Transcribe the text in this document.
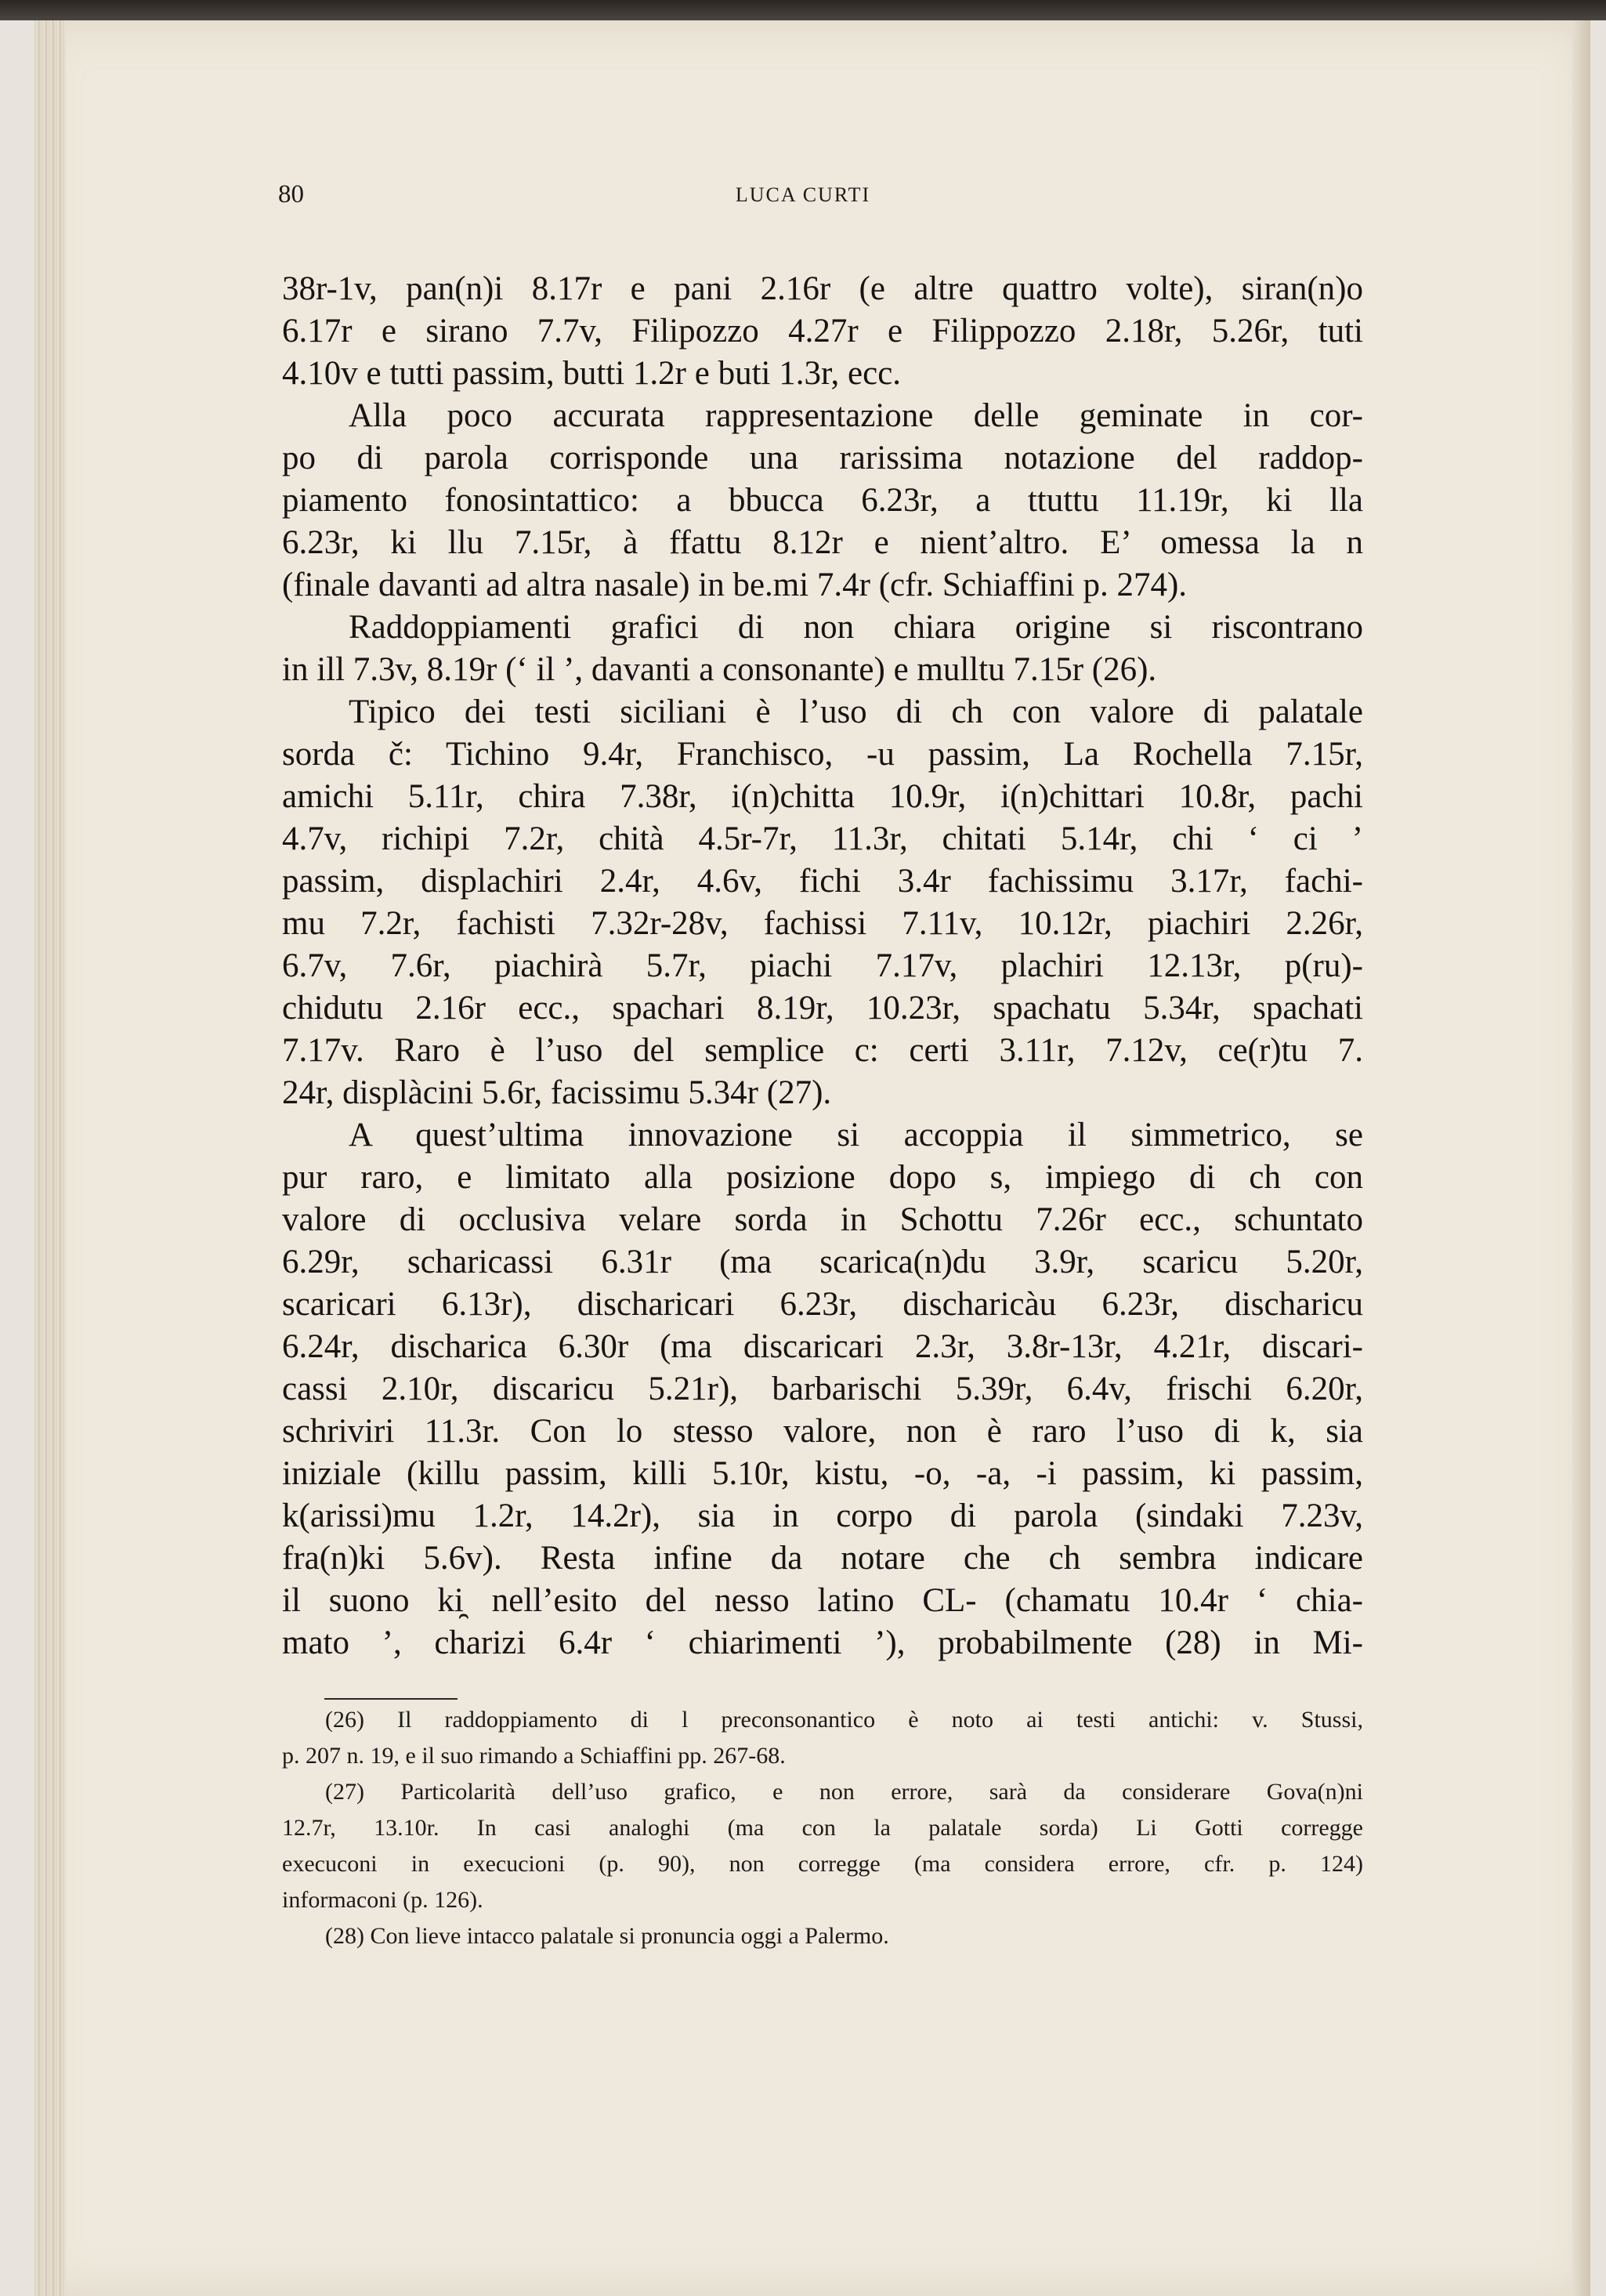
80	LUCA CURTI
38r-1v, pan(n)i 8.17r e pani 2.16r (e altre quattro volte), siran(n)o
6.17r e sirano 7.7v, Filipozzo 4.27r e Filippozzo 2.18r, 5.26r, tuti
4.10v e tutti passim, butti 1.2r e buti 1.3r, ecc.
Alla poco accurata rappresentazione delle geminate in cor-
po di parola corrisponde una rarissima notazione del raddop-
piamento fonosintattico: a bbucca 6.23r, a ttuttu 11.19r, ki lla
6.23r, ki llu 7.15r, à ffattu 8.12r e nient’altro. E’ omessa la n
(finale davanti ad altra nasale) in be.mi 7.4r (cfr. Schiaffini p. 274).
Raddoppiamenti grafici di non chiara origine si riscontrano
in ill 7.3v, 8.19r (‘ il ’, davanti a consonante) e mulltu 7.15r (26).
Tipico dei testi siciliani è l’uso di ch con valore di palatale
sorda č: Tichino 9.4r, Franchisco, -u passim, La Rochella 7.15r,
amichi 5.11r, chira 7.38r, i(n)chitta 10.9r, i(n)chittari 10.8r, pachi
4.7v, richipi 7.2r, chità 4.5r-7r, 11.3r, chitati 5.14r, chi ‘ ci ’
passim, displachiri 2.4r, 4.6v, fichi 3.4r fachissimu 3.17r, fachi-
mu 7.2r, fachisti 7.32r-28v, fachissi 7.11v, 10.12r, piachiri 2.26r,
6.7v, 7.6r, piachirà 5.7r, piachi 7.17v, plachiri 12.13r, p(ru)-
chidutu 2.16r ecc., spachari 8.19r, 10.23r, spachatu 5.34r, spachati
7.17v. Raro è l’uso del semplice c: certi 3.11r, 7.12v, ce(r)tu 7.
24r, displàcini 5.6r, facissimu 5.34r (27).
A quest’ultima innovazione si accoppia il simmetrico, se
pur raro, e limitato alla posizione dopo s, impiego di ch con
valore di occlusiva velare sorda in Schottu 7.26r ecc., schuntato
6.29r, scharicassi 6.31r (ma scarica(n)du 3.9r, scaricu 5.20r,
scaricari 6.13r), discharicari 6.23r, discharicàu 6.23r, discharicu
6.24r, discharica 6.30r (ma discaricari 2.3r, 3.8r-13r, 4.21r, discari-
cassi 2.10r, discaricu 5.21r), barbarischi 5.39r, 6.4v, frischi 6.20r,
schriviri 11.3r. Con lo stesso valore, non è raro l’uso di k, sia
iniziale (killu passim, killi 5.10r, kistu, -o, -a, -i passim, ki passim,
k(arissi)mu 1.2r, 14.2r), sia in corpo di parola (sindaki 7.23v,
fra(n)ki 5.6v). Resta infine da notare che ch sembra indicare
il suono ki̯ nell’esito del nesso latino CL- (chamatu 10.4r ‘ chia-
mato ’, charizi 6.4r ‘ chiarimenti ’), probabilmente (28) in Mi-
(26) Il raddoppiamento di l preconsonantico è noto ai testi antichi: v. Stussi,
p. 207 n. 19, e il suo rimando a Schiaffini pp. 267-68.
(27) Particolarità dell’uso grafico, e non errore, sarà da considerare Gova(n)ni
12.7r, 13.10r. In casi analoghi (ma con la palatale sorda) Li Gotti corregge
execuconi in execucioni (p. 90), non corregge (ma considera errore, cfr. p. 124)
informaconi (p. 126).
(28) Con lieve intacco palatale si pronuncia oggi a Palermo.
